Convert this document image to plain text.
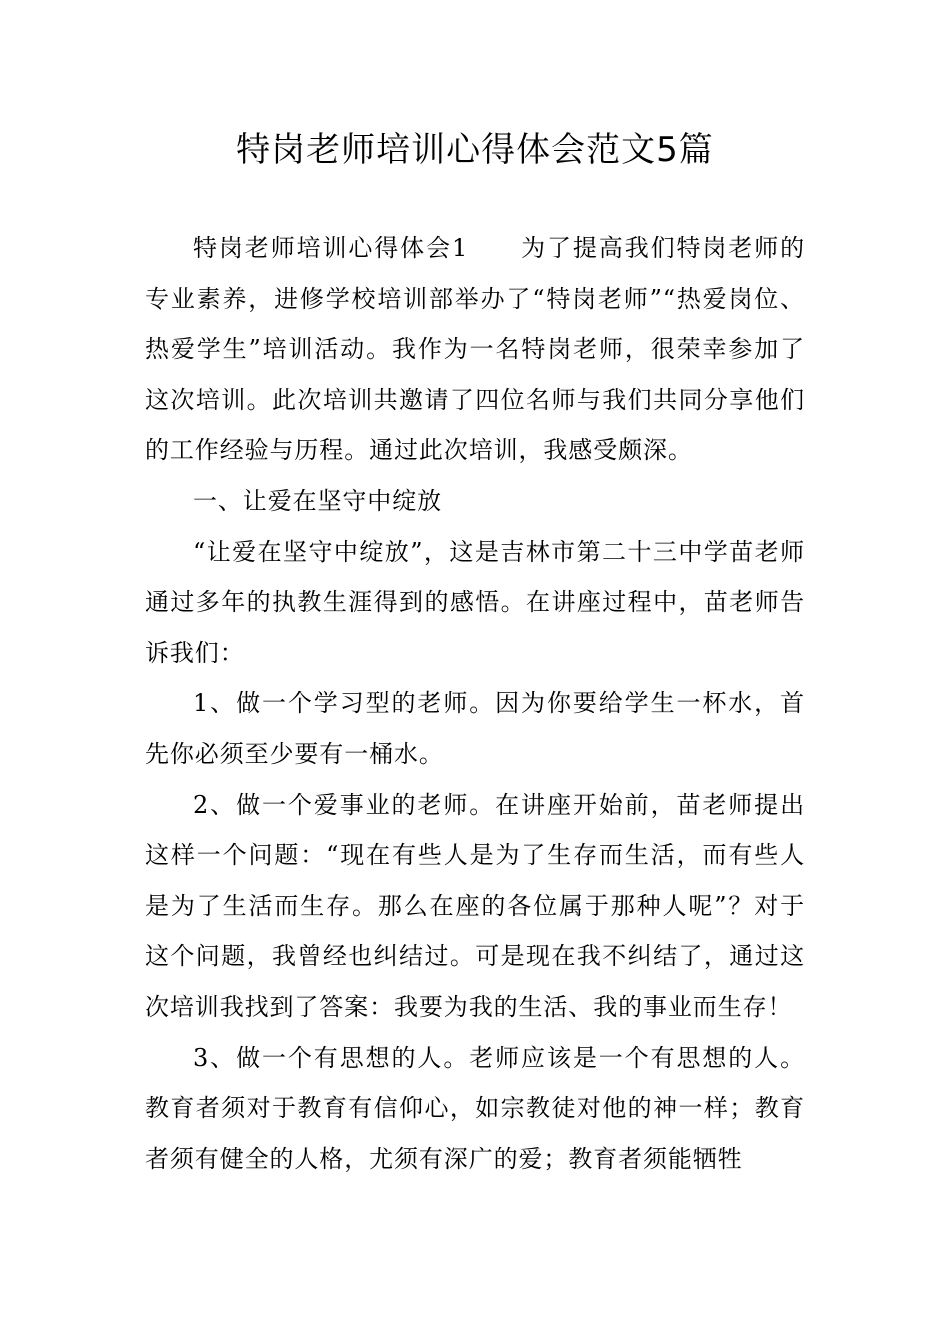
特岗老师培训心得体会范文5篇

特岗老师培训心得体会1 为了提高我们特岗老师的专业素养，进修学校培训部举办了“特岗老师”“热爱岗位、热爱学生”培训活动。我作为一名特岗老师，很荣幸参加了这次培训。此次培训共邀请了四位名师与我们共同分享他们的工作经验与历程。通过此次培训，我感受颇深。

一、让爱在坚守中绽放

“让爱在坚守中绽放”，这是吉林市第二十三中学苗老师通过多年的执教生涯得到的感悟。在讲座过程中，苗老师告诉我们：

1、做一个学习型的老师。因为你要给学生一杯水，首先你必须至少要有一桶水。

2、做一个爱事业的老师。在讲座开始前，苗老师提出这样一个问题：“现在有些人是为了生存而生活，而有些人是为了生活而生存。那么在座的各位属于那种人呢”？对于这个问题，我曾经也纠结过。可是现在我不纠结了，通过这次培训我找到了答案：我要为我的生活、我的事业而生存！

3、做一个有思想的人。老师应该是一个有思想的人。教育者须对于教育有信仰心，如宗教徒对他的神一样；教育者须有健全的人格，尤须有深广的爱；教育者须能牺牲
